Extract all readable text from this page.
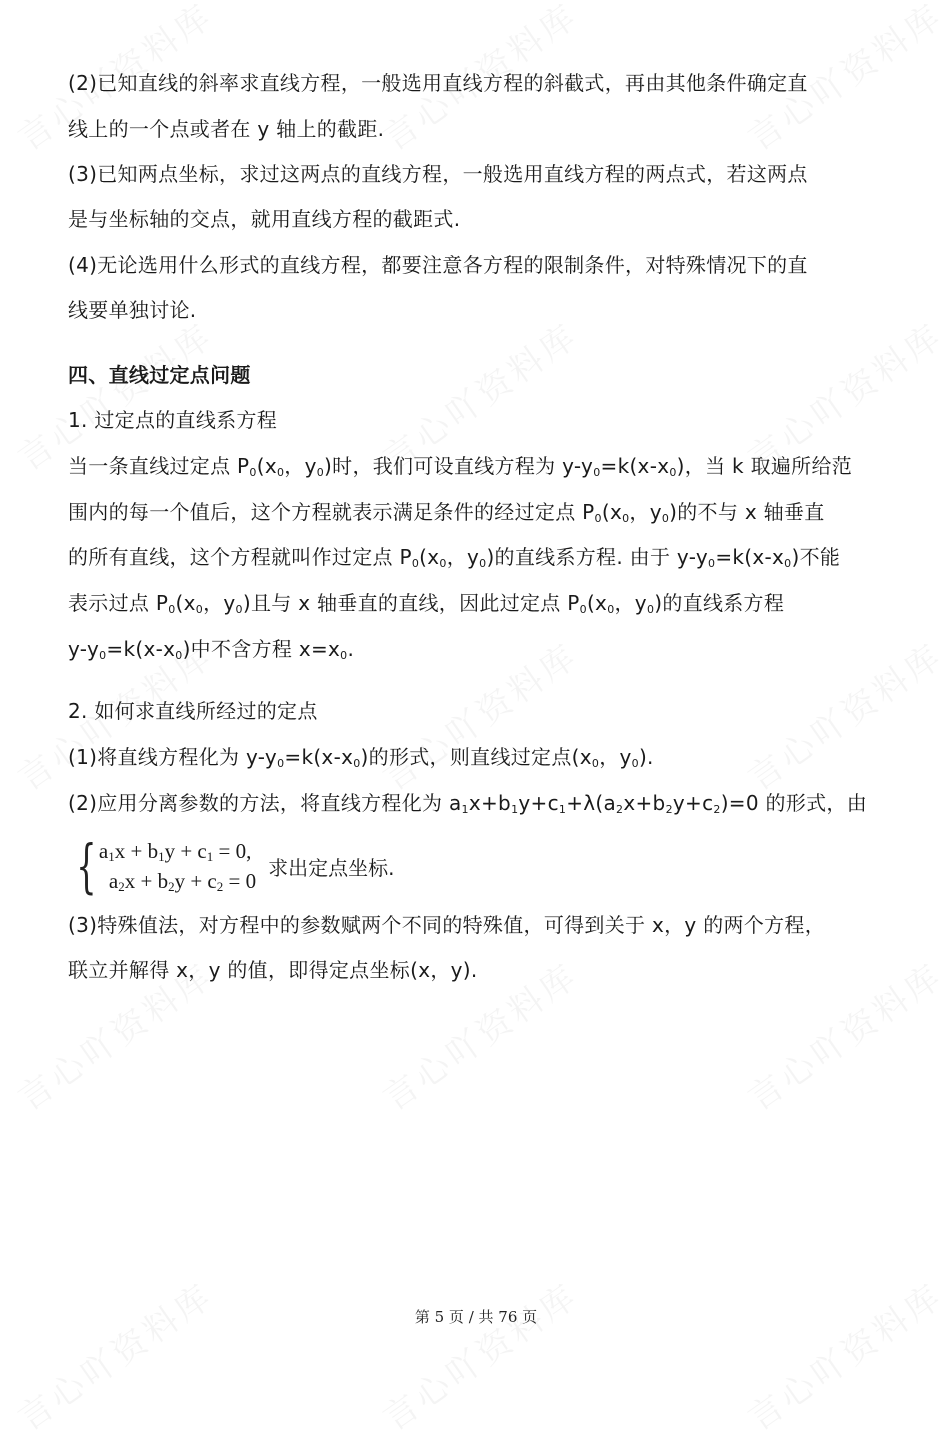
(2)已知直线的斜率求直线方程，一般选用直线方程的斜截式，再由其他条件确定直
线上的一个点或者在 y 轴上的截距.
(3)已知两点坐标，求过这两点的直线方程，一般选用直线方程的两点式，若这两点
是与坐标轴的交点，就用直线方程的截距式.
(4)无论选用什么形式的直线方程，都要注意各方程的限制条件，对特殊情况下的直
线要单独讨论.
四、直线过定点问题
1. 过定点的直线系方程
当一条直线过定点 $P_0(x_0$，$y_0$)时，我们可设直线方程为 $y-y_0=k(x-x_0)$，当 k 取遍所给范
围内的每一个值后，这个方程就表示满足条件的经过定点 $P_0(x_0$，$y_0$)的不与 x 轴垂直
的所有直线，这个方程就叫作过定点 $P_0(x_0$，$y_0$)的直线系方程. 由于 $y-y_0=k(x-x_0)$不能
表示过点 $P_0(x_0$，$y_0$)且与 x 轴垂直的直线，因此过定点 $P_0(x_0$，$y_0$)的直线系方程
$y-y_0=k(x-x_0)$中不含方程 $x=x_0$.
2. 如何求直线所经过的定点
(1)将直线方程化为 $y-y_0=k(x-x_0)$的形式，则直线过定点($x_0$，$y_0$).
(2)应用分离参数的方法，将直线方程化为 $a_1x+b_1y+c_1+\lambda(a_2x+b_2y+c_2)=0$ 的形式，由
(3)特殊值法，对方程中的参数赋两个不同的特殊值，可得到关于 x，y 的两个方程，
联立并解得 x，y 的值，即得定点坐标(x，y).
{ $a_1x + b_1y + c_1 = 0$,
$a_2x + b_2y + c_2 = 0$
求出定点坐标.
第 5 页 / 共 76 页
